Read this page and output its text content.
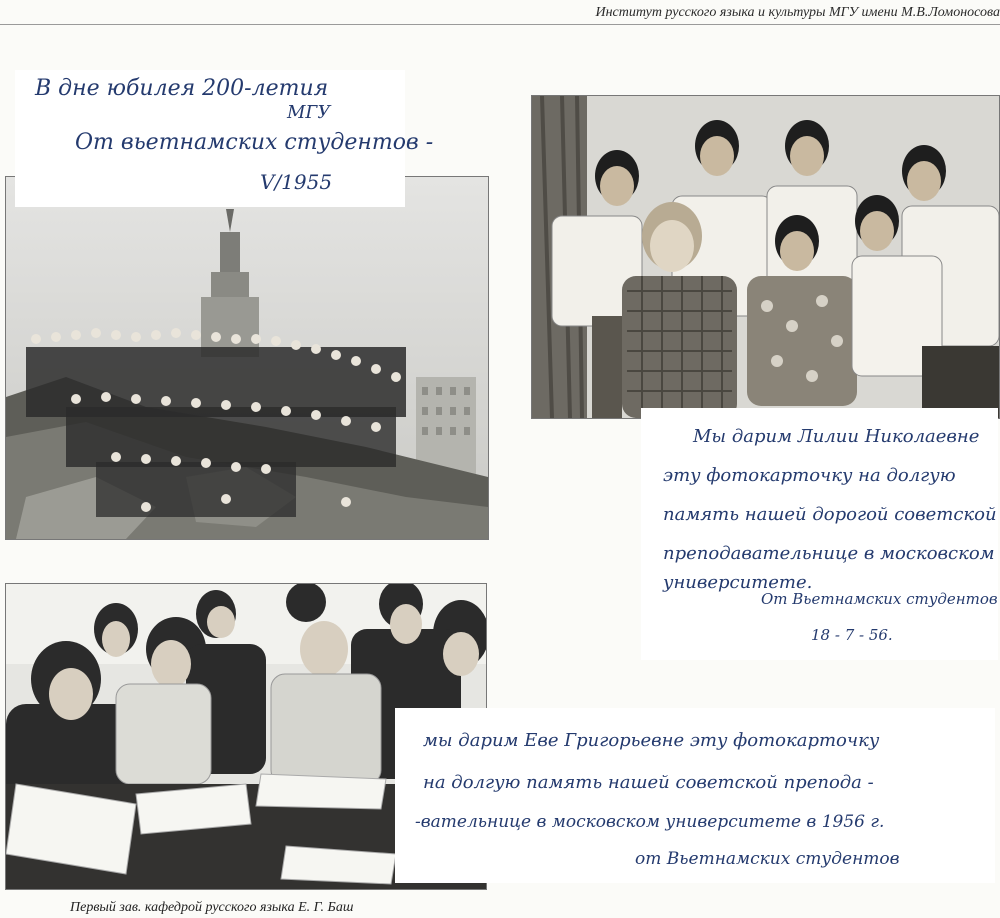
Институт русского языка и культуры МГУ имени М.В.Ломоносова
В дне юбилея 200-летия
МГУ
От вьетнамских студентов -
V/1955
Мы дарим Лилии Николаевне
эту фотокарточку на долгую
память нашей дорогой советской
преподавательнице в московском
университете.
От Вьетнамских студентов
18 - 7 - 56.
мы дарим Еве Григорьевне эту фотокарточку
на долгую память нашей советской препода -
-вательнице в московском университете в 1956 г.
от Вьетнамских студентов
Первый зав. кафедрой русского языка Е. Г. Баш
